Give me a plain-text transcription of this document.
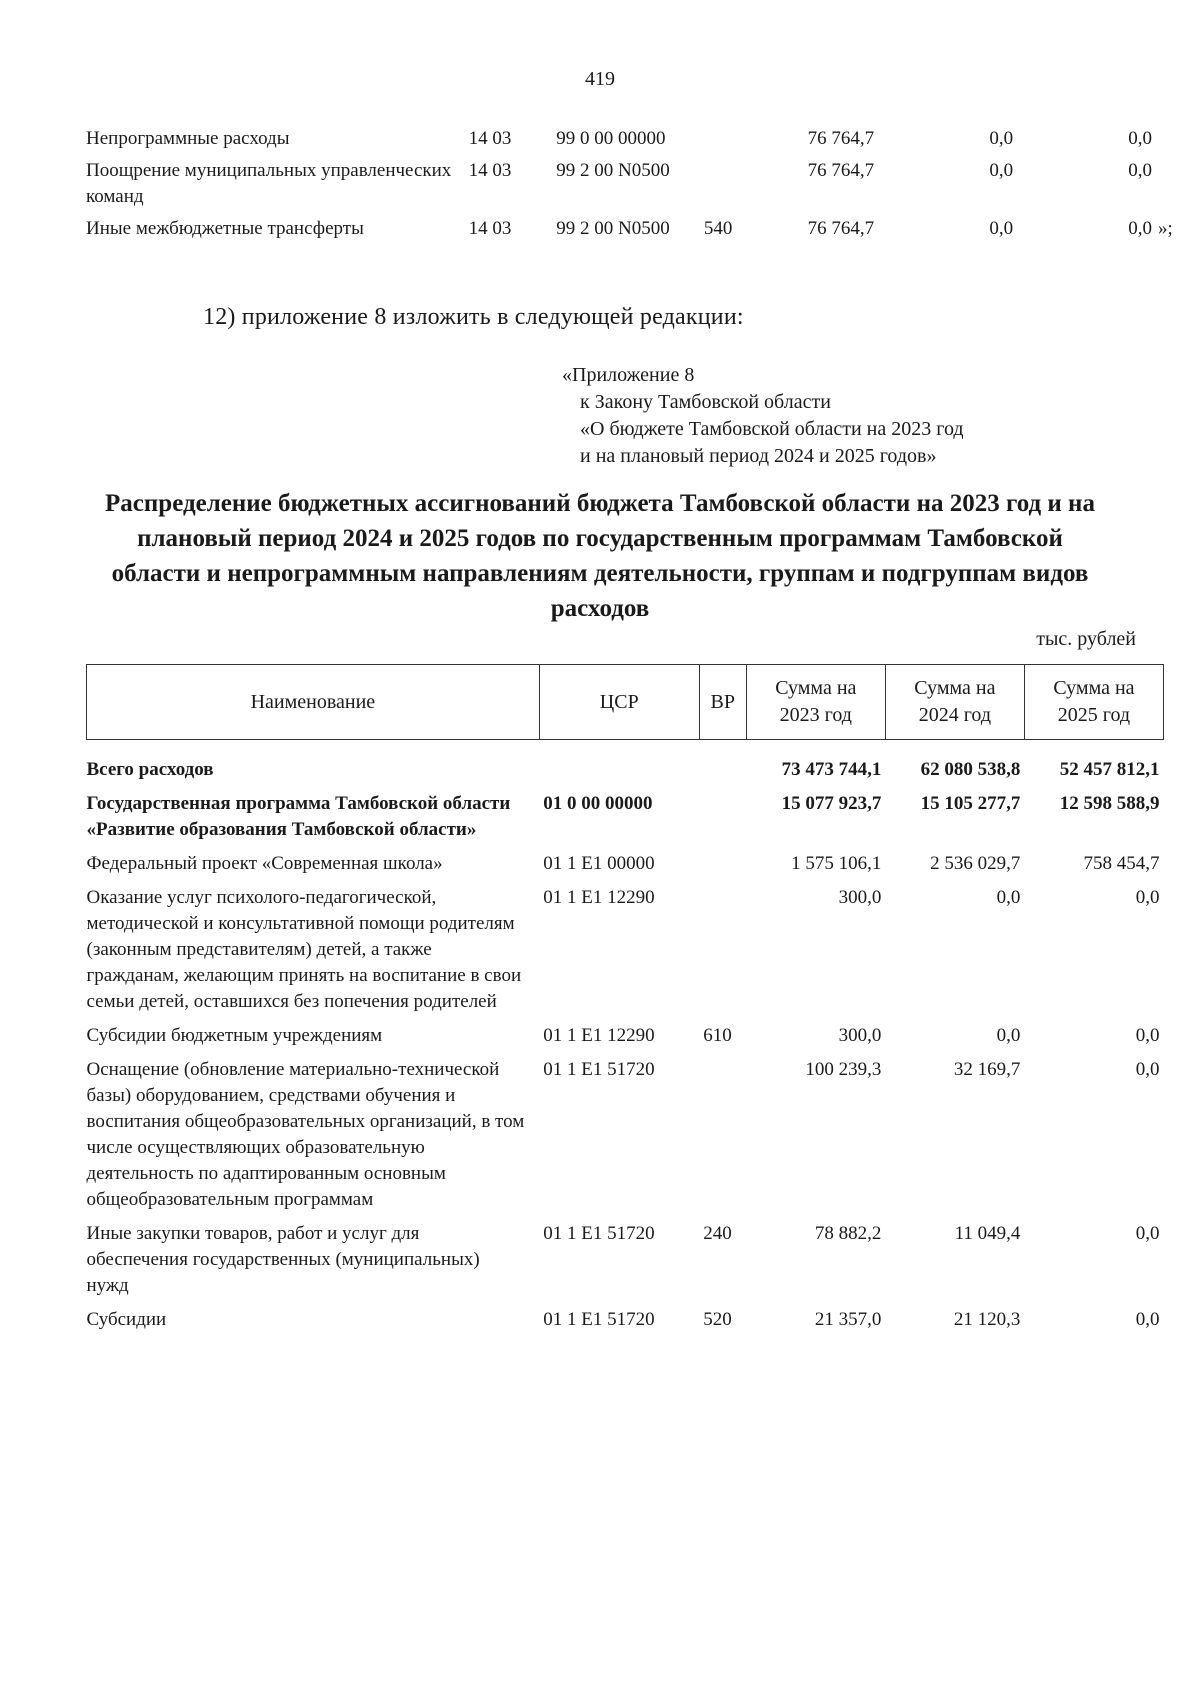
419
Непрограммные расходы	14 03	99 0 00 00000		76 764,7	0,0	0,0	
Поощрение муниципальных управленческих команд	14 03	99 2 00 N0500		76 764,7	0,0	0,0	
Иные межбюджетные трансферты	14 03	99 2 00 N0500	540	76 764,7	0,0	0,0	»;
12) приложение 8 изложить в следующей редакции:
«Приложение 8
к Закону Тамбовской области
«О бюджете Тамбовской области на 2023 год
и на плановый период 2024 и 2025 годов»
Распределение бюджетных ассигнований бюджета Тамбовской области на 2023 год и на плановый период 2024 и 2025 годов по государственным программам Тамбовской области и непрограммным направлениям деятельности, группам и подгруппам видов расходов
тыс. рублей
Наименование	ЦСР	ВР	Сумма на 2023 год	Сумма на 2024 год	Сумма на 2025 год

Всего расходов			73 473 744,1	62 080 538,8	52 457 812,1
Государственная программа Тамбовской области «Развитие образования Тамбовской области»	01 0 00 00000		15 077 923,7	15 105 277,7	12 598 588,9
Федеральный проект «Современная школа»	01 1 E1 00000		1 575 106,1	2 536 029,7	758 454,7
Оказание услуг психолого-педагогической, методической и консультативной помощи родителям (законным представителям) детей, а также гражданам, желающим принять на воспитание в свои семьи детей, оставшихся без попечения родителей	01 1 E1 12290		300,0	0,0	0,0
Субсидии бюджетным учреждениям	01 1 E1 12290	610	300,0	0,0	0,0
Оснащение (обновление материально-технической базы) оборудованием, средствами обучения и воспитания общеобразовательных организаций, в том числе осуществляющих образовательную деятельность по адаптированным основным общеобразовательным программам	01 1 E1 51720		100 239,3	32 169,7	0,0
Иные закупки товаров, работ и услуг для обеспечения государственных (муниципальных) нужд	01 1 E1 51720	240	78 882,2	11 049,4	0,0
Субсидии	01 1 E1 51720	520	21 357,0	21 120,3	0,0
